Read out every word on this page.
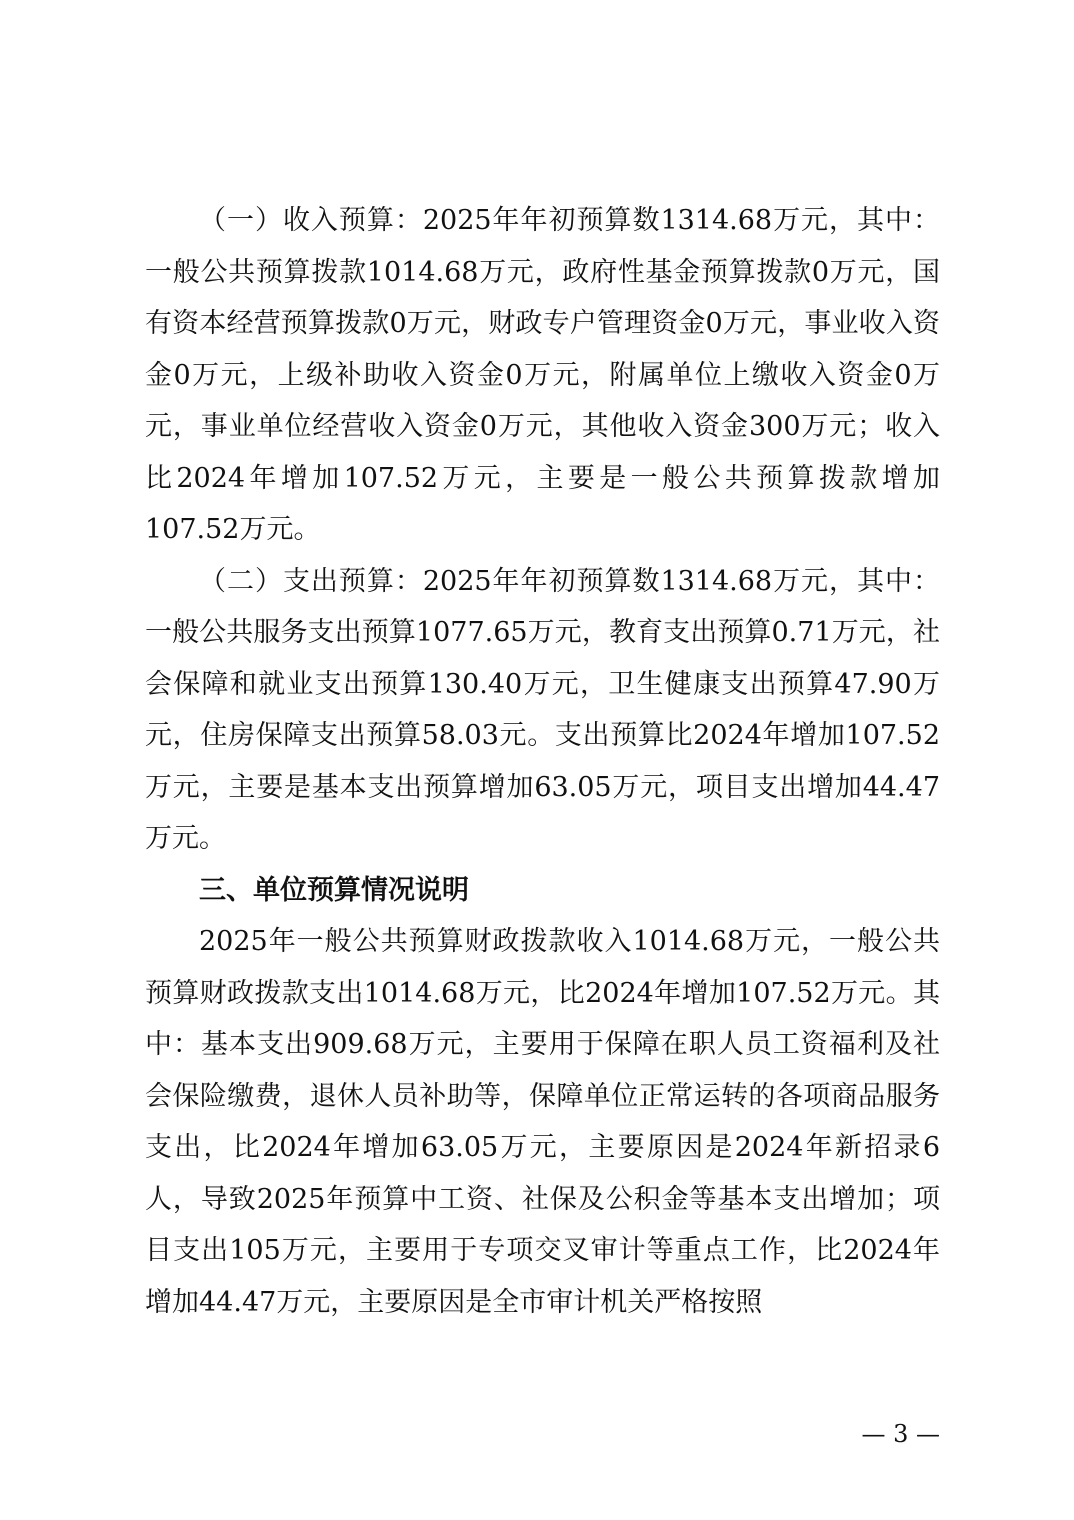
（一）收入预算：2025年年初预算数1314.68万元，其中：一般公共预算拨款1014.68万元，政府性基金预算拨款0万元，国有资本经营预算拨款0万元，财政专户管理资金0万元，事业收入资金0万元，上级补助收入资金0万元，附属单位上缴收入资金0万元，事业单位经营收入资金0万元，其他收入资金300万元；收入比2024年增加107.52万元，主要是一般公共预算拨款增加107.52万元。

（二）支出预算：2025年年初预算数1314.68万元，其中：一般公共服务支出预算1077.65万元，教育支出预算0.71万元，社会保障和就业支出预算130.40万元，卫生健康支出预算47.90万元，住房保障支出预算58.03元。支出预算比2024年增加107.52万元，主要是基本支出预算增加63.05万元，项目支出增加44.47万元。

三、单位预算情况说明

2025年一般公共预算财政拨款收入1014.68万元，一般公共预算财政拨款支出1014.68万元，比2024年增加107.52万元。其中：基本支出909.68万元，主要用于保障在职人员工资福利及社会保险缴费，退休人员补助等，保障单位正常运转的各项商品服务支出，比2024年增加63.05万元，主要原因是2024年新招录6人，导致2025年预算中工资、社保及公积金等基本支出增加；项目支出105万元，主要用于专项交叉审计等重点工作，比2024年增加44.47万元，主要原因是全市审计机关严格按照

— 3 —
